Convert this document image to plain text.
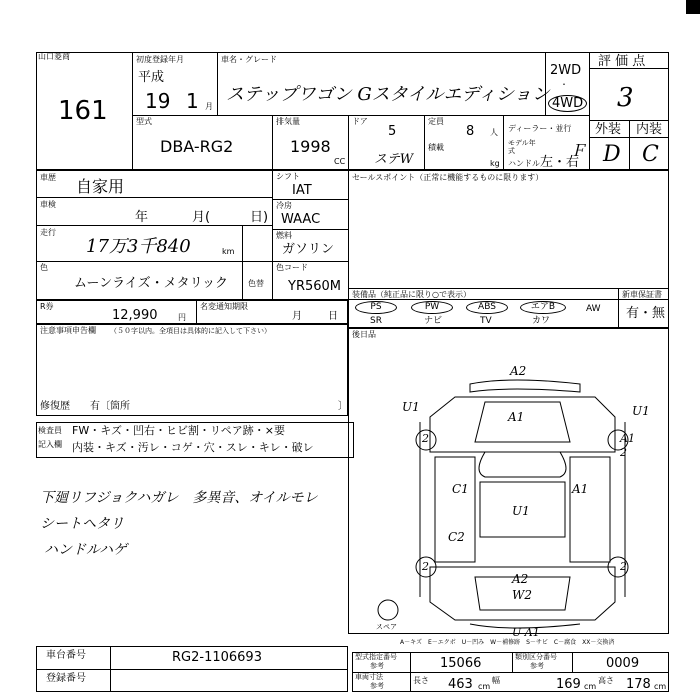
山口菱商
161
初度登録年月
平成
19 1 月
車名・グレード
ステップワゴン Gスタイルエディション
2WD
・
4WD
評 価 点
3
外装 内装
D C
型式
DBA-RG2
排気量
1998
CC
ドア
5
定員
8 人
ステW
積載
kg
ディーラー・並行
モデル年式
ハンドル 左・右
Ｆ
車歴 自家用
車検
年	月(	日)
走行
17万3千840	km
シフト
IAT
冷房
WAAC
燃料
ガソリン
色
ムーンライズ・メタリック 色替
色コード
YR560M
セールスポイント（正常に機能するものに限ります）
装備品（純正品に限り○で表示）	新車保証書
有・無
PS	PW	ABS	エアB	AW
SR	ナビ	TV	カワ
R券
12,990	円
名変通知期限
月	日
注意事項申告欄 （５０字以内。全項目は具体的に記入して下さい）
修復歴 有〔箇所	〕
後日品
検査員
記入欄
FW・キズ・凹右・ヒビ割・リペア跡・×要
内装・キズ・汚レ・コゲ・穴・スレ・キレ・破レ
下廻リフジョクハガレ　多異音、オイルモレ
シートヘタリ
ハンドルハゲ
A2
U1
A1	U1
2	A1
2
C1	A1
U1
C2
2	2
A2
W2
U A1
スペア
A－キズ　E－エクボ　U－凹み　W－補修跡　S－サビ　C－腐食　XX－交換済
車台番号	RG2-1106693
登録番号
型式指定番号
参考	15066	類別区分番号
参考	0009
車両寸法
参考
長さ 463 cm
幅	169 cm
高さ 178 cm
